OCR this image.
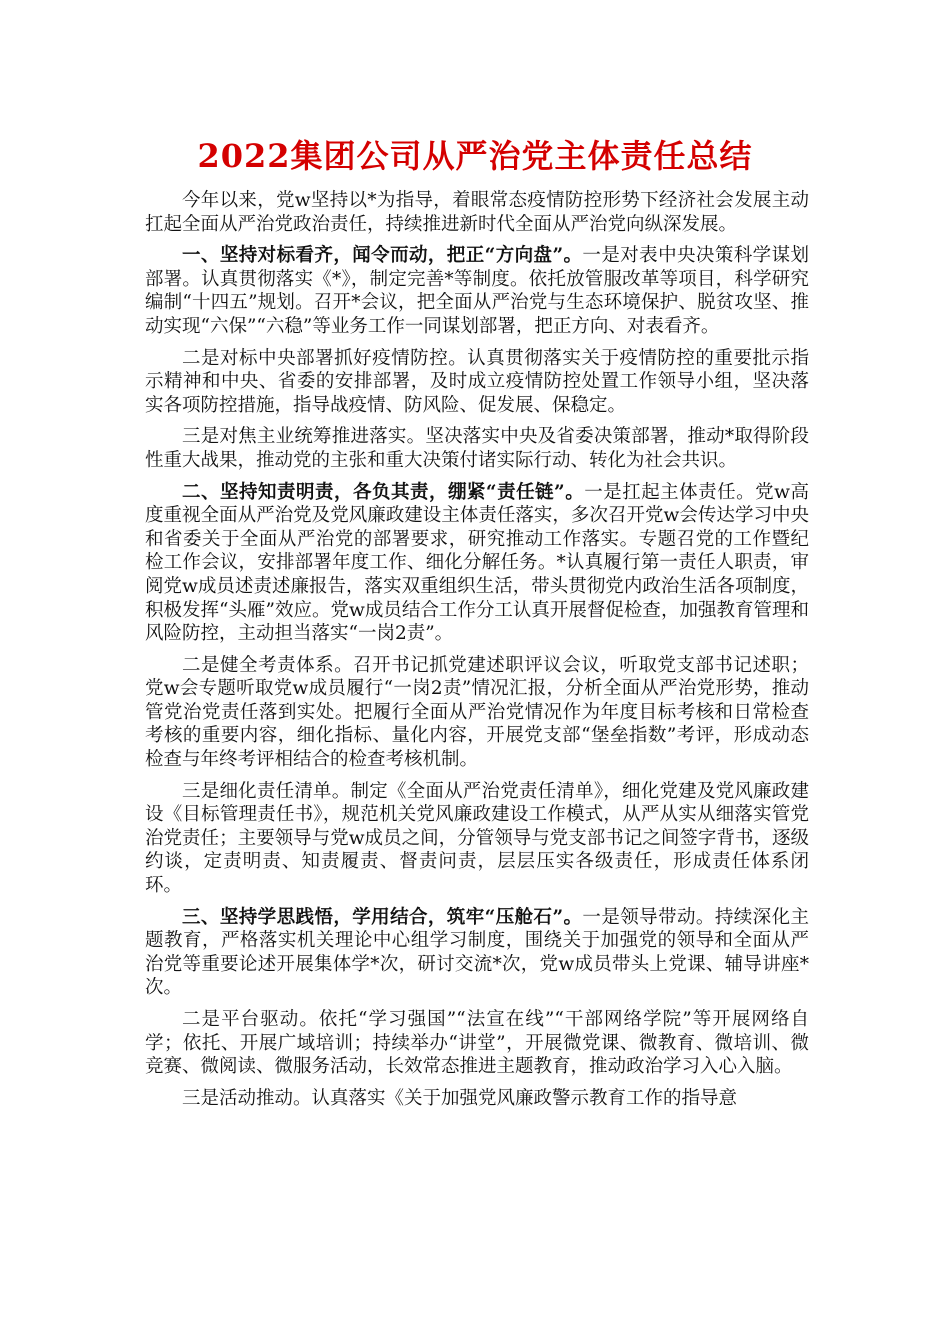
2022集团公司从严治党主体责任总结

今年以来，党w坚持以*为指导，着眼常态疫情防控形势下经济社会发展主动扛起全面从严治党政治责任，持续推进新时代全面从严治党向纵深发展。

一、坚持对标看齐，闻令而动，把正“方向盘”。一是对表中央决策科学谋划部署。认真贯彻落实《*》，制定完善*等制度。依托放管服改革等项目，科学研究编制“十四五”规划。召开*会议，把全面从严治党与生态环境保护、脱贫攻坚、推动实现“六保”“六稳”等业务工作一同谋划部署，把正方向、对表看齐。

二是对标中央部署抓好疫情防控。认真贯彻落实关于疫情防控的重要批示指示精神和中央、省委的安排部署，及时成立疫情防控处置工作领导小组，坚决落实各项防控措施，指导战疫情、防风险、促发展、保稳定。

三是对焦主业统筹推进落实。坚决落实中央及省委决策部署，推动*取得阶段性重大战果，推动党的主张和重大决策付诸实际行动、转化为社会共识。

二、坚持知责明责，各负其责，绷紧“责任链”。一是扛起主体责任。党w高度重视全面从严治党及党风廉政建设主体责任落实，多次召开党w会传达学习中央和省委关于全面从严治党的部署要求，研究推动工作落实。专题召党的工作暨纪检工作会议，安排部署年度工作、细化分解任务。*认真履行第一责任人职责，审阅党w成员述责述廉报告，落实双重组织生活，带头贯彻党内政治生活各项制度，积极发挥“头雁”效应。党w成员结合工作分工认真开展督促检查，加强教育管理和风险防控，主动担当落实“一岗2责”。

二是健全考责体系。召开书记抓党建述职评议会议，听取党支部书记述职；党w会专题听取党w成员履行“一岗2责”情况汇报，分析全面从严治党形势，推动管党治党责任落到实处。把履行全面从严治党情况作为年度目标考核和日常检查考核的重要内容，细化指标、量化内容，开展党支部“堡垒指数”考评，形成动态检查与年终考评相结合的检查考核机制。

三是细化责任清单。制定《全面从严治党责任清单》，细化党建及党风廉政建设《目标管理责任书》，规范机关党风廉政建设工作模式，从严从实从细落实管党治党责任；主要领导与党w成员之间，分管领导与党支部书记之间签字背书，逐级约谈，定责明责、知责履责、督责问责，层层压实各级责任，形成责任体系闭环。

三、坚持学思践悟，学用结合，筑牢“压舱石”。一是领导带动。持续深化主题教育，严格落实机关理论中心组学习制度，围绕关于加强党的领导和全面从严治党等重要论述开展集体学*次，研讨交流*次，党w成员带头上党课、辅导讲座*次。

二是平台驱动。依托“学习强国”“法宣在线”“干部网络学院”等开展网络自学；依托、开展广域培训；持续举办“讲堂”，开展微党课、微教育、微培训、微竞赛、微阅读、微服务活动，长效常态推进主题教育，推动政治学习入心入脑。

三是活动推动。认真落实《关于加强党风廉政警示教育工作的指导意
